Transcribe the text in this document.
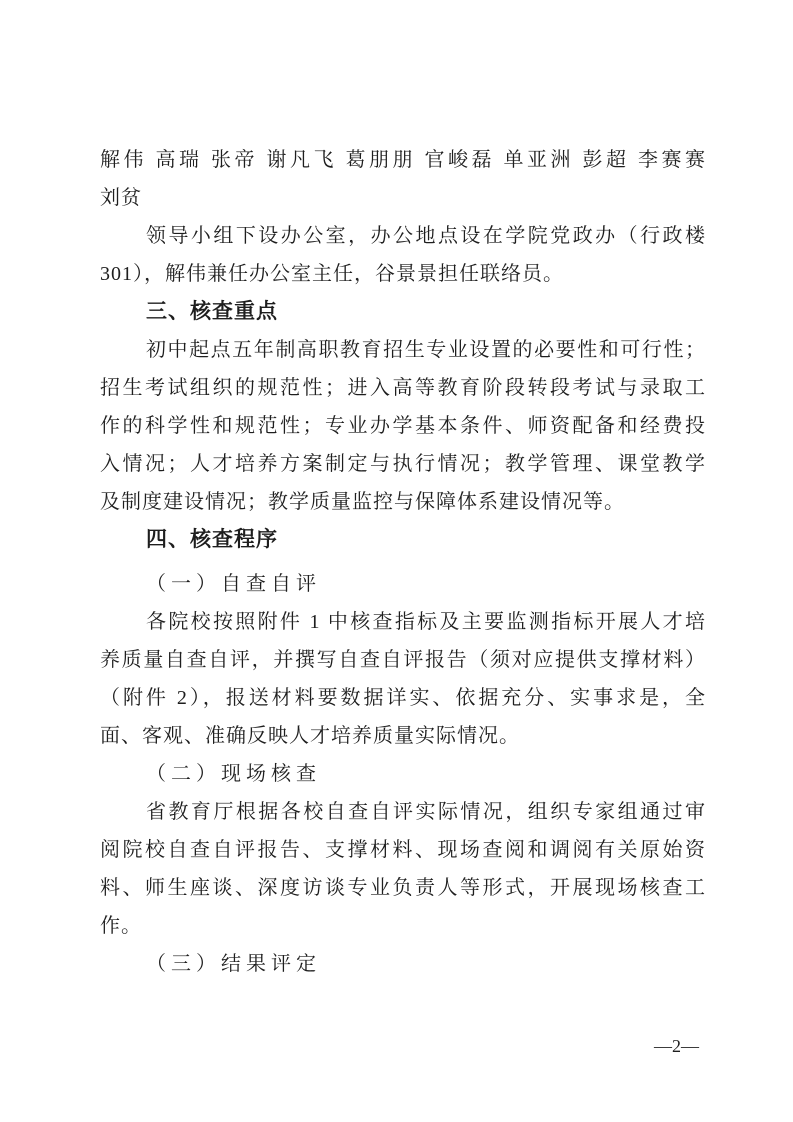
解伟 高瑞 张帝 谢凡飞 葛朋朋 官峻磊 单亚洲 彭超 李赛赛
刘贫
领导小组下设办公室，办公地点设在学院党政办（行政楼
301），解伟兼任办公室主任，谷景景担任联络员。
三、核查重点
初中起点五年制高职教育招生专业设置的必要性和可行性；
招生考试组织的规范性；进入高等教育阶段转段考试与录取工
作的科学性和规范性；专业办学基本条件、师资配备和经费投
入情况；人才培养方案制定与执行情况；教学管理、课堂教学
及制度建设情况；教学质量监控与保障体系建设情况等。
四、核查程序
（一）自查自评
各院校按照附件 1 中核查指标及主要监测指标开展人才培
养质量自查自评，并撰写自查自评报告（须对应提供支撑材料）
（附件 2），报送材料要数据详实、依据充分、实事求是，全
面、客观、准确反映人才培养质量实际情况。
（二）现场核查
省教育厅根据各校自查自评实际情况，组织专家组通过审
阅院校自查自评报告、支撑材料、现场查阅和调阅有关原始资
料、师生座谈、深度访谈专业负责人等形式，开展现场核查工
作。
（三）结果评定
—2—
